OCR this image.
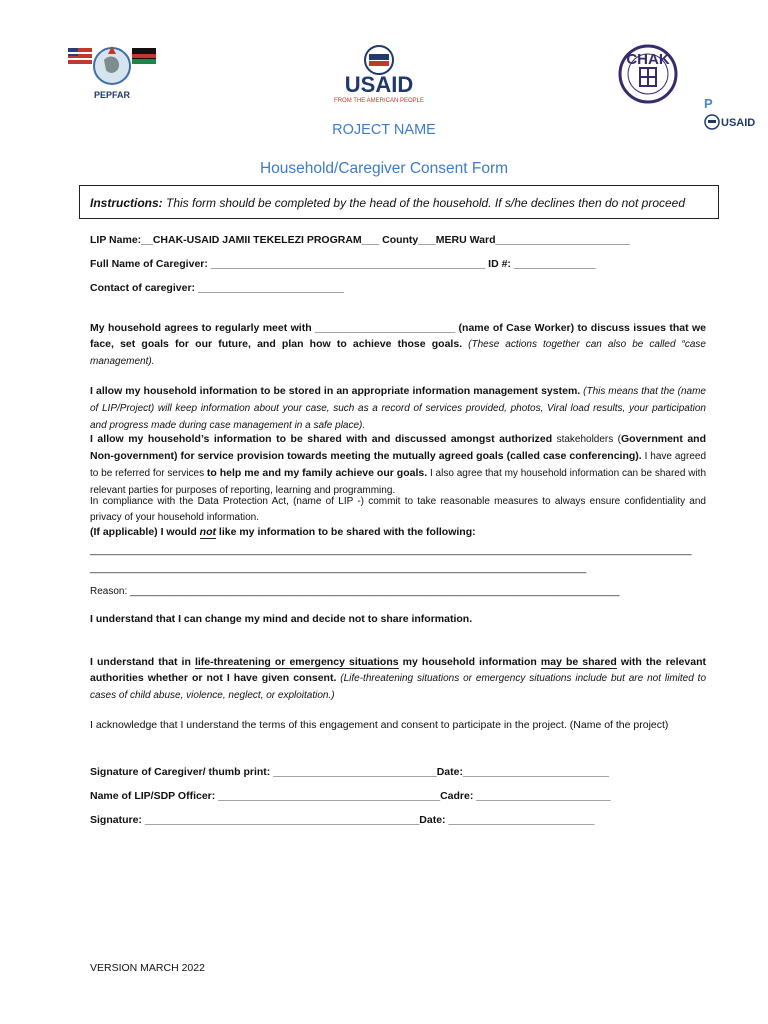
PEPFAR	USAID
FROM THE AMERICAN PEOPLE
CHAK
P
USAID
ROJECT NAME
Household/Caregiver Consent Form
Instructions: This form should be completed by the head of the household. If s/he declines then do not proceed
LIP Name:__CHAK-USAID JAMII TEKELEZI PROGRAM___ County___MERU Ward_______________________
Full Name of Caregiver: _______________________________________________ ID #: ______________
Contact of caregiver: _________________________
My household agrees to regularly meet with ________________________ (name of Case Worker) to discuss issues that we face, set goals for our future, and plan how to achieve those goals. (These actions together can also be called “case management).
I allow my household information to be stored in an appropriate information management system. (This means that the (name of LIP/Project) will keep information about your case, such as a record of services provided, photos, Viral load results, your participation and progress made during case management in a safe place).
I allow my household’s information to be shared with and discussed amongst authorized stakeholders (Government and Non-government) for service provision towards meeting the mutually agreed goals (called case conferencing). I have agreed to be referred for services to help me and my family achieve our goals. I also agree that my household information can be shared with relevant parties for purposes of reporting, learning and programming.
In compliance with the Data Protection Act, (name of LIP -) commit to take reasonable measures to always ensure confidentiality and privacy of your household information.
(If applicable) I would not like my information to be shared with the following:
_______________________________________________________________________________________________________
_____________________________________________________________________________________
Reason: ________________________________________________________________________________________
I understand that I can change my mind and decide not to share information.
I understand that in life-threatening or emergency situations my household information may be shared with the relevant authorities whether or not I have given consent. (Life-threatening situations or emergency situations include but are not limited to cases of child abuse, violence, neglect, or exploitation.)
I acknowledge that I understand the terms of this engagement and consent to participate in the project. (Name of the project)
Signature of Caregiver/ thumb print: ____________________________Date:_________________________
Name of LIP/SDP Officer: ______________________________________Cadre: _______________________
Signature: _______________________________________________Date: _________________________
VERSION MARCH 2022
